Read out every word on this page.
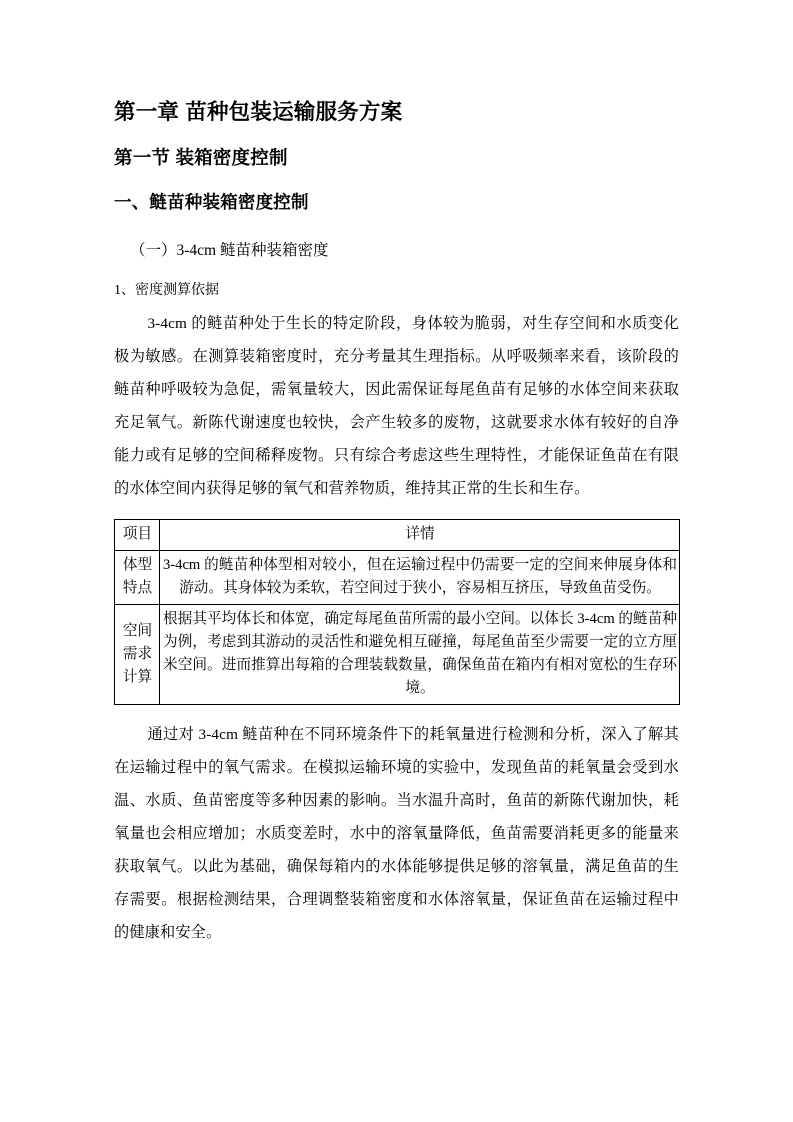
第一章 苗种包装运输服务方案
第一节 装箱密度控制
一、鲢苗种装箱密度控制

（一）3-4cm 鲢苗种装箱密度

1、密度测算依据

3-4cm 的鲢苗种处于生长的特定阶段，身体较为脆弱，对生存空间和水质变化极为敏感。在测算装箱密度时，充分考量其生理指标。从呼吸频率来看，该阶段的鲢苗种呼吸较为急促，需氧量较大，因此需保证每尾鱼苗有足够的水体空间来获取充足氧气。新陈代谢速度也较快，会产生较多的废物，这就要求水体有较好的自净能力或有足够的空间稀释废物。只有综合考虑这些生理特性，才能保证鱼苗在有限的水体空间内获得足够的氧气和营养物质，维持其正常的生长和生存。

项目	详情
体型特点	3-4cm 的鲢苗种体型相对较小，但在运输过程中仍需要一定的空间来伸展身体和游动。其身体较为柔软，若空间过于狭小，容易相互挤压，导致鱼苗受伤。
空间需求计算	根据其平均体长和体宽，确定每尾鱼苗所需的最小空间。以体长 3-4cm 的鲢苗种为例，考虑到其游动的灵活性和避免相互碰撞，每尾鱼苗至少需要一定的立方厘米空间。进而推算出每箱的合理装载数量，确保鱼苗在箱内有相对宽松的生存环境。

通过对 3-4cm 鲢苗种在不同环境条件下的耗氧量进行检测和分析，深入了解其在运输过程中的氧气需求。在模拟运输环境的实验中，发现鱼苗的耗氧量会受到水温、水质、鱼苗密度等多种因素的影响。当水温升高时，鱼苗的新陈代谢加快，耗氧量也会相应增加；水质变差时，水中的溶氧量降低，鱼苗需要消耗更多的能量来获取氧气。以此为基础，确保每箱内的水体能够提供足够的溶氧量，满足鱼苗的生存需要。根据检测结果，合理调整装箱密度和水体溶氧量，保证鱼苗在运输过程中的健康和安全。
